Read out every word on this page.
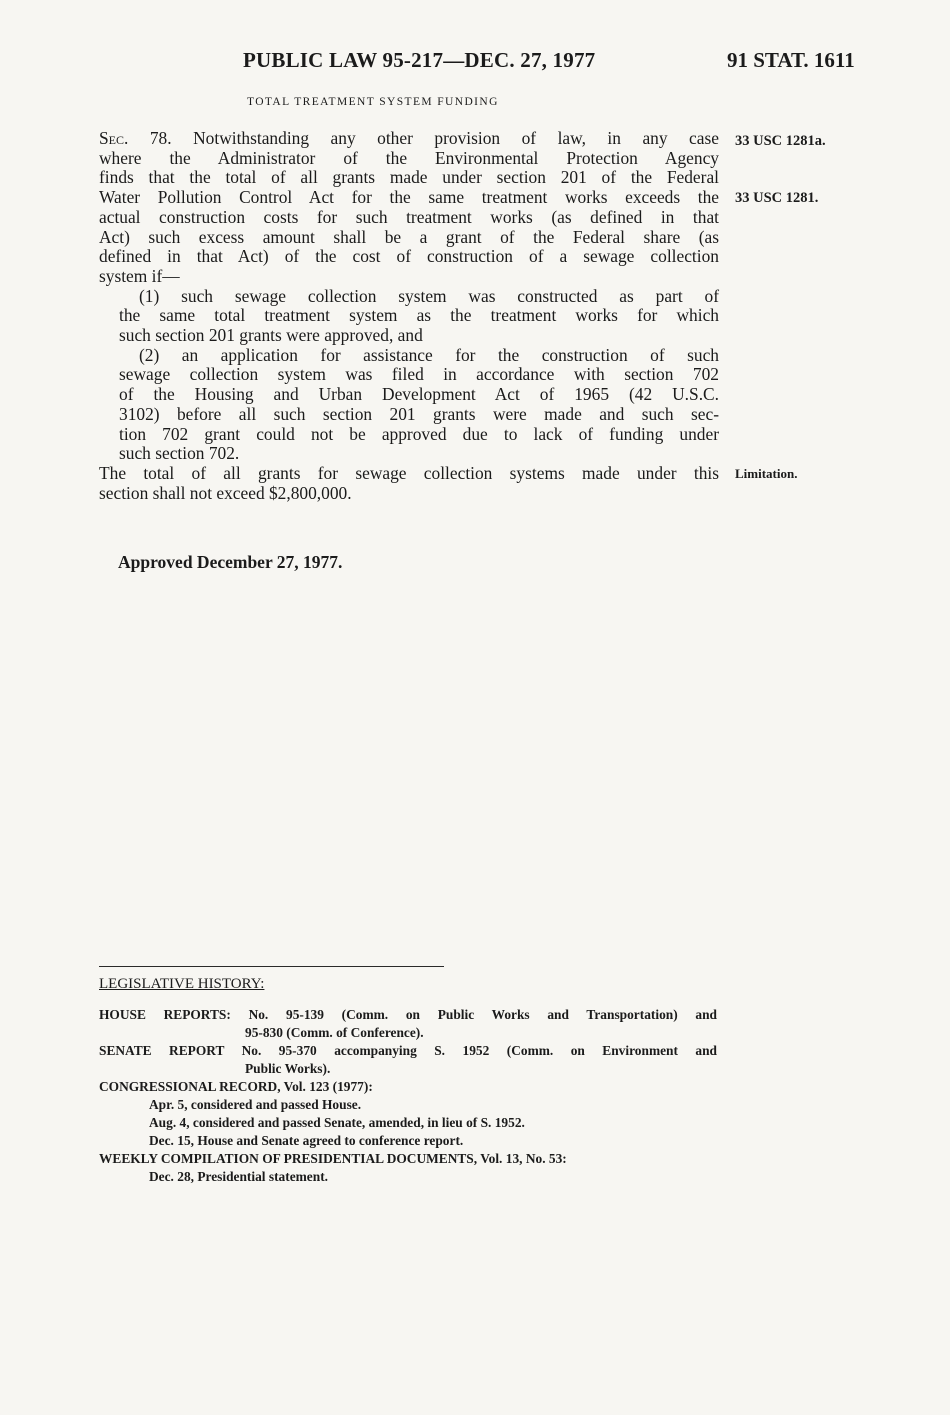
PUBLIC LAW 95-217—DEC. 27, 1977	91 STAT. 1611
TOTAL TREATMENT SYSTEM FUNDING
Sec. 78. Notwithstanding any other provision of law, in any case
where the Administrator of the Environmental Protection Agency
finds that the total of all grants made under section 201 of the Federal
Water Pollution Control Act for the same treatment works exceeds the
actual construction costs for such treatment works (as defined in that
Act) such excess amount shall be a grant of the Federal share (as
defined in that Act) of the cost of construction of a sewage collection
system if—
(1) such sewage collection system was constructed as part of
the same total treatment system as the treatment works for which
such section 201 grants were approved, and
(2) an application for assistance for the construction of such
sewage collection system was filed in accordance with section 702
of the Housing and Urban Development Act of 1965 (42 U.S.C.
3102) before all such section 201 grants were made and such sec-
tion 702 grant could not be approved due to lack of funding under
such section 702.
The total of all grants for sewage collection systems made under this
section shall not exceed $2,800,000.
33 USC 1281a.
33 USC 1281.
Limitation.
Approved December 27, 1977.
LEGISLATIVE HISTORY:
HOUSE REPORTS: No. 95-139 (Comm. on Public Works and Transportation) and
95-830 (Comm. of Conference).
SENATE REPORT No. 95-370 accompanying S. 1952 (Comm. on Environment and
Public Works).
CONGRESSIONAL RECORD, Vol. 123 (1977):
Apr. 5, considered and passed House.
Aug. 4, considered and passed Senate, amended, in lieu of S. 1952.
Dec. 15, House and Senate agreed to conference report.
WEEKLY COMPILATION OF PRESIDENTIAL DOCUMENTS, Vol. 13, No. 53:
Dec. 28, Presidential statement.
